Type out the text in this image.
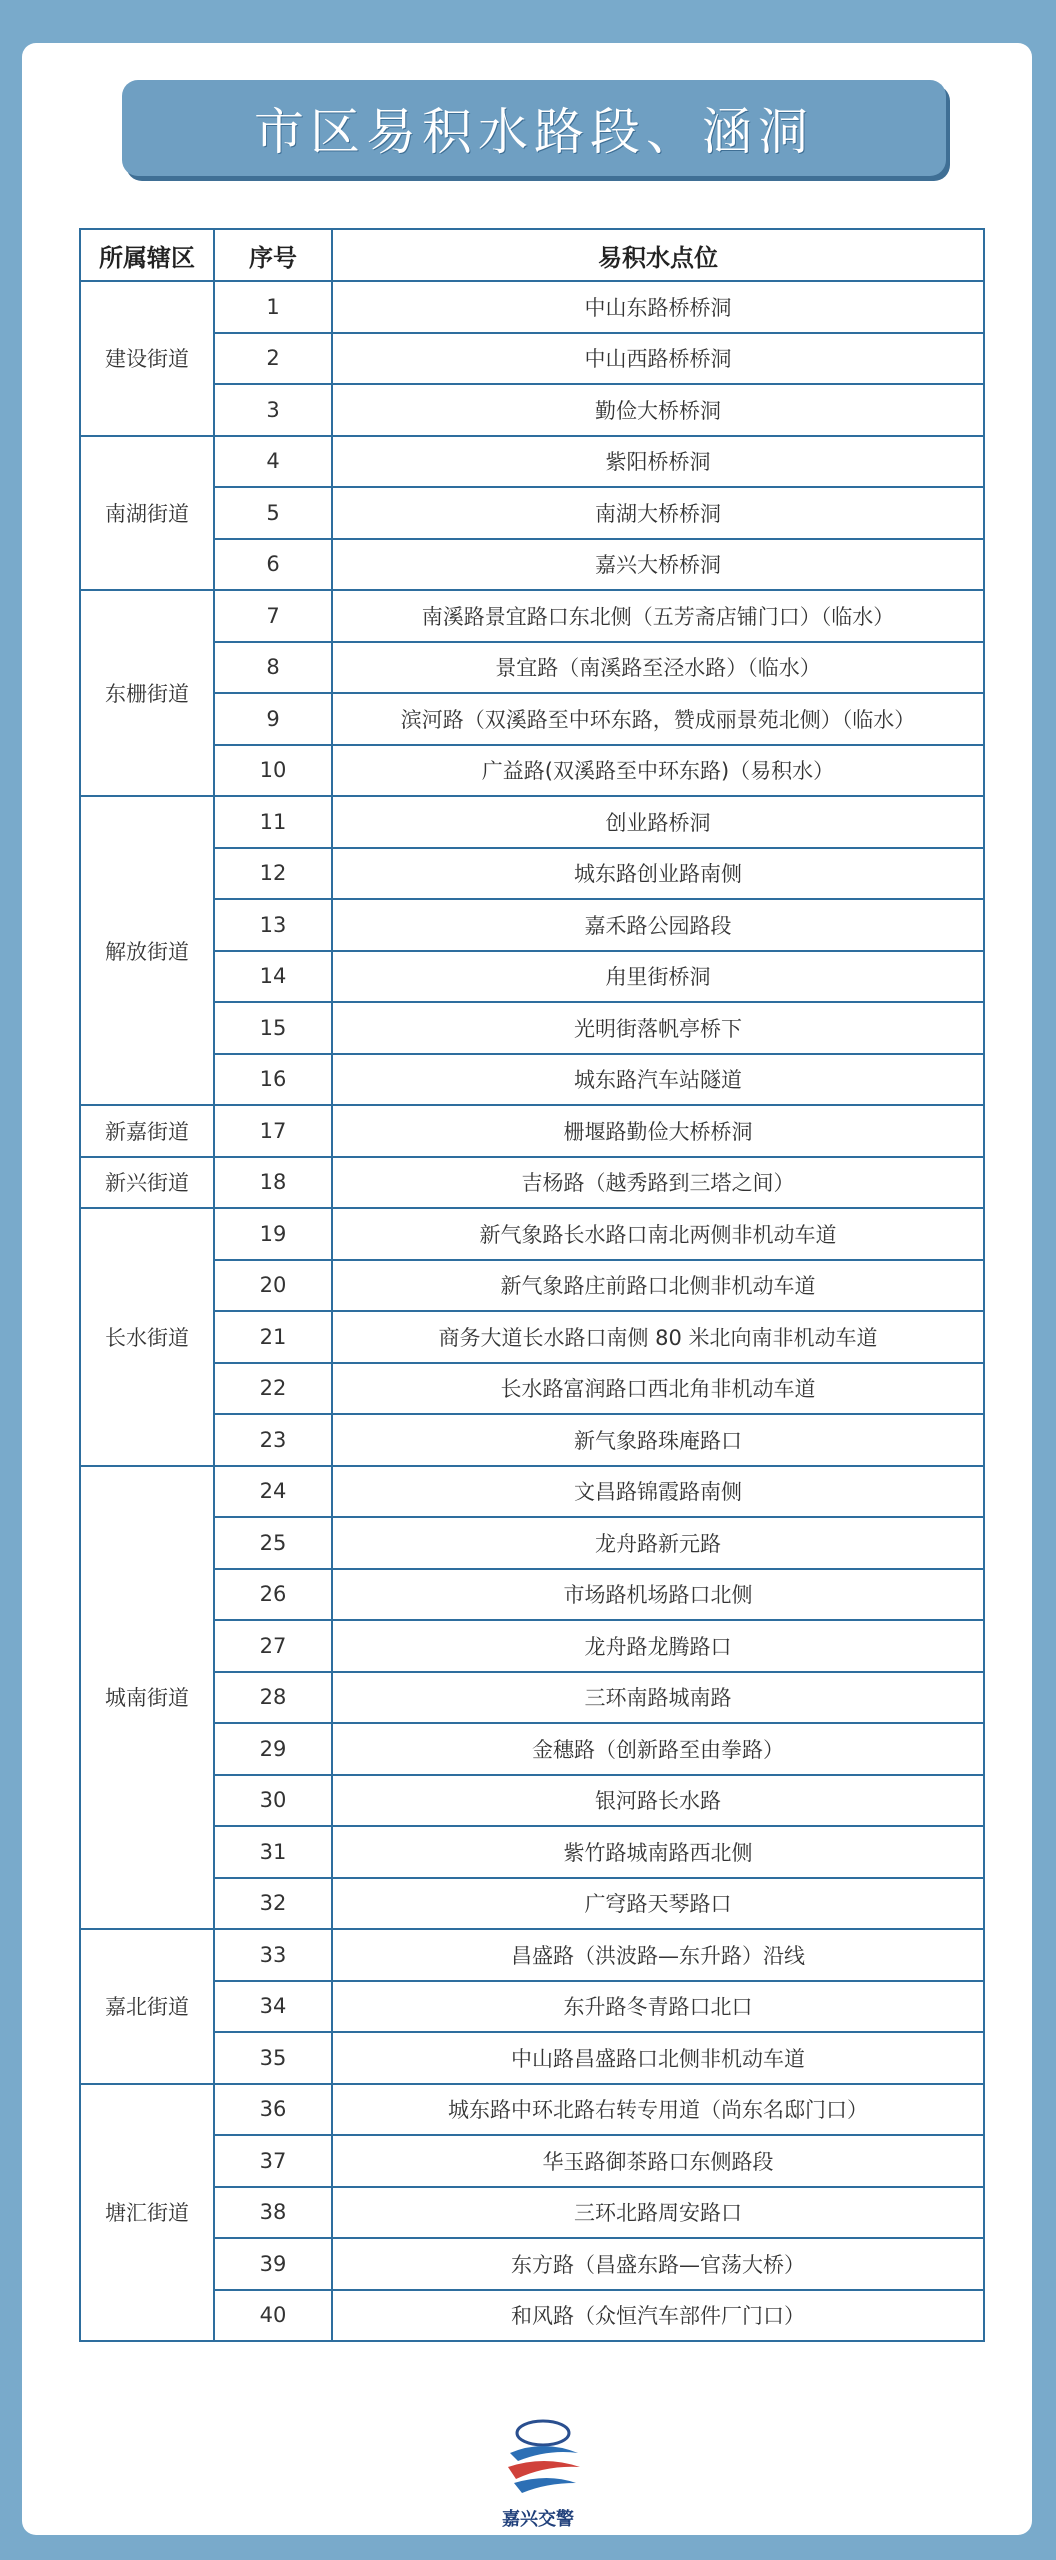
市区易积水路段、涵洞
所属辖区	序号	易积水点位
建设街道	1	中山东路桥桥洞
	2	中山西路桥桥洞
	3	勤俭大桥桥洞
南湖街道	4	紫阳桥桥洞
	5	南湖大桥桥洞
	6	嘉兴大桥桥洞
东栅街道	7	南溪路景宜路口东北侧（五芳斋店铺门口）（临水）
	8	景宜路（南溪路至泾水路）（临水）
	9	滨河路（双溪路至中环东路，赞成丽景苑北侧）（临水）
	10	广益路(双溪路至中环东路)（易积水）
解放街道	11	创业路桥洞
	12	城东路创业路南侧
	13	嘉禾路公园路段
	14	甪里街桥洞
	15	光明街落帆亭桥下
	16	城东路汽车站隧道
新嘉街道	17	栅堰路勤俭大桥桥洞
新兴街道	18	吉杨路（越秀路到三塔之间）
长水街道	19	新气象路长水路口南北两侧非机动车道
	20	新气象路庄前路口北侧非机动车道
	21	商务大道长水路口南侧 80 米北向南非机动车道
	22	长水路富润路口西北角非机动车道
	23	新气象路珠庵路口
城南街道	24	文昌路锦霞路南侧
	25	龙舟路新元路
	26	市场路机场路口北侧
	27	龙舟路龙腾路口
	28	三环南路城南路
	29	金穗路（创新路至由拳路）
	30	银河路长水路
	31	紫竹路城南路西北侧
	32	广穹路天琴路口
嘉北街道	33	昌盛路（洪波路—东升路）沿线
	34	东升路冬青路口北口
	35	中山路昌盛路口北侧非机动车道
塘汇街道	36	城东路中环北路右转专用道（尚东名邸门口）
	37	华玉路御茶路口东侧路段
	38	三环北路周安路口
	39	东方路（昌盛东路—官荡大桥）
	40	和风路（众恒汽车部件厂门口）
嘉兴交警
